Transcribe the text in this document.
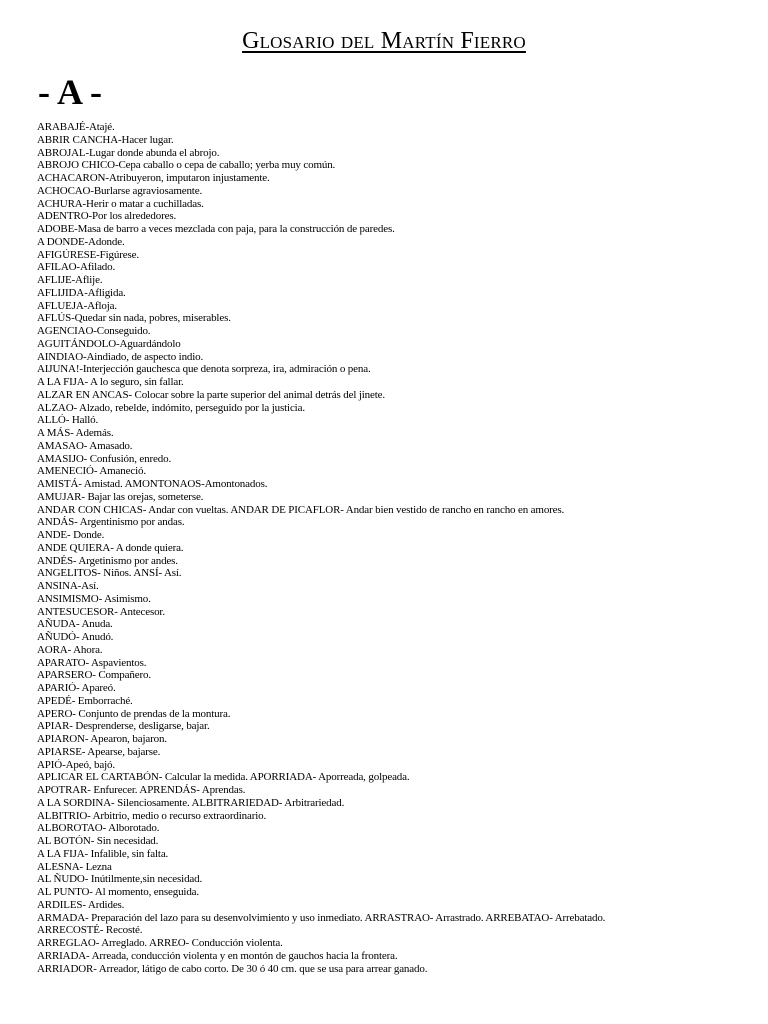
Glosario del Martín Fierro
- A -
ARABAJÉ-Atajé.
ABRIR CANCHA-Hacer lugar.
ABROJAL-Lugar donde abunda el abrojo.
ABROJO CHICO-Cepa caballo o cepa de caballo; yerba muy común.
ACHACARON-Atribuyeron, imputaron injustamente.
ACHOCAO-Burlarse agraviosamente.
ACHURA-Herir o matar a cuchilladas.
ADENTRO-Por los alrededores.
ADOBE-Masa de barro a veces mezclada con paja, para la construcción de paredes.
A DONDE-Adonde.
AFIGÚRESE-Figúrese.
AFILAO-Afilado.
AFLIJE-Aflije.
AFLIJIDA-Afligida.
AFLUEJA-Afloja.
AFLÚS-Quedar sin nada, pobres, miserables.
AGENCIAO-Conseguido.
AGUITÁNDOLO-Aguardándolo
AINDIAO-Aindiado, de aspecto indio.
AIJUNA!-Interjección gauchesca que denota sorpreza, ira, admiración o pena.
A LA FIJA- A lo seguro, sin fallar.
ALZAR EN ANCAS- Colocar sobre la parte superior del animal detrás del jinete.
ALZAO- Alzado, rebelde, indómito, perseguido por la justicia.
ALLÓ- Halló.
A MÁS- Además.
AMASAO- Amasado.
AMASIJO- Confusión, enredo.
AMENECIÓ- Amaneció.
AMISTÁ- Amistad. AMONTONAOS-Amontonados.
AMUJAR- Bajar las orejas, someterse.
ANDAR CON CHICAS- Andar con vueltas. ANDAR DE PICAFLOR- Andar bien vestido de rancho en rancho en amores.
ANDÁS- Argentinismo por andas.
ANDE- Donde.
ANDE QUIERA- A donde quiera.
ANDÉS- Argetinismo por andes.
ANGELITOS- Niños. ANSÍ- Así.
ANSINA-Así.
ANSIMISMO- Asimismo.
ANTESUCESOR- Antecesor.
AÑUDA- Anuda.
AÑUDÓ- Anudó.
AORA- Ahora.
APARATO- Aspavientos.
APARSERO- Compañero.
APARIÓ- Apareó.
APEDÉ- Emborraché.
APERO- Conjunto de prendas de la montura.
APIAR- Desprenderse, desligarse, bajar.
APIARON- Apearon, bajaron.
APIARSE- Apearse, bajarse.
APIÓ-Apeó, bajó.
APLICAR EL CARTABÓN- Calcular la medida. APORRIADA- Aporreada, golpeada.
APOTRAR- Enfurecer. APRENDÁS- Aprendas.
A LA SORDINA- Silenciosamente. ALBITRARIEDAD- Arbitrariedad.
ALBITRIO- Arbitrio, medio o recurso extraordinario.
ALBOROTAO- Alborotado.
AL BOTÓN- Sin necesidad.
A LA FIJA- Infalible, sin falta.
ALESNA- Lezna
AL ÑUDO- Inútilmente,sin necesidad.
AL PUNTO- Al momento, enseguida.
ARDILES- Ardides.
ARMADA- Preparación del lazo para su desenvolvimiento y uso inmediato. ARRASTRAO- Arrastrado. ARREBATAO- Arrebatado.
ARRECOSTÉ- Recosté.
ARREGLAO- Arreglado. ARREO- Conducción violenta.
ARRIADA- Arreada, conducción violenta y en montón de gauchos hacia la frontera.
ARRIADOR- Arreador, látigo de cabo corto. De 30 ó 40 cm. que se usa para arrear ganado.
